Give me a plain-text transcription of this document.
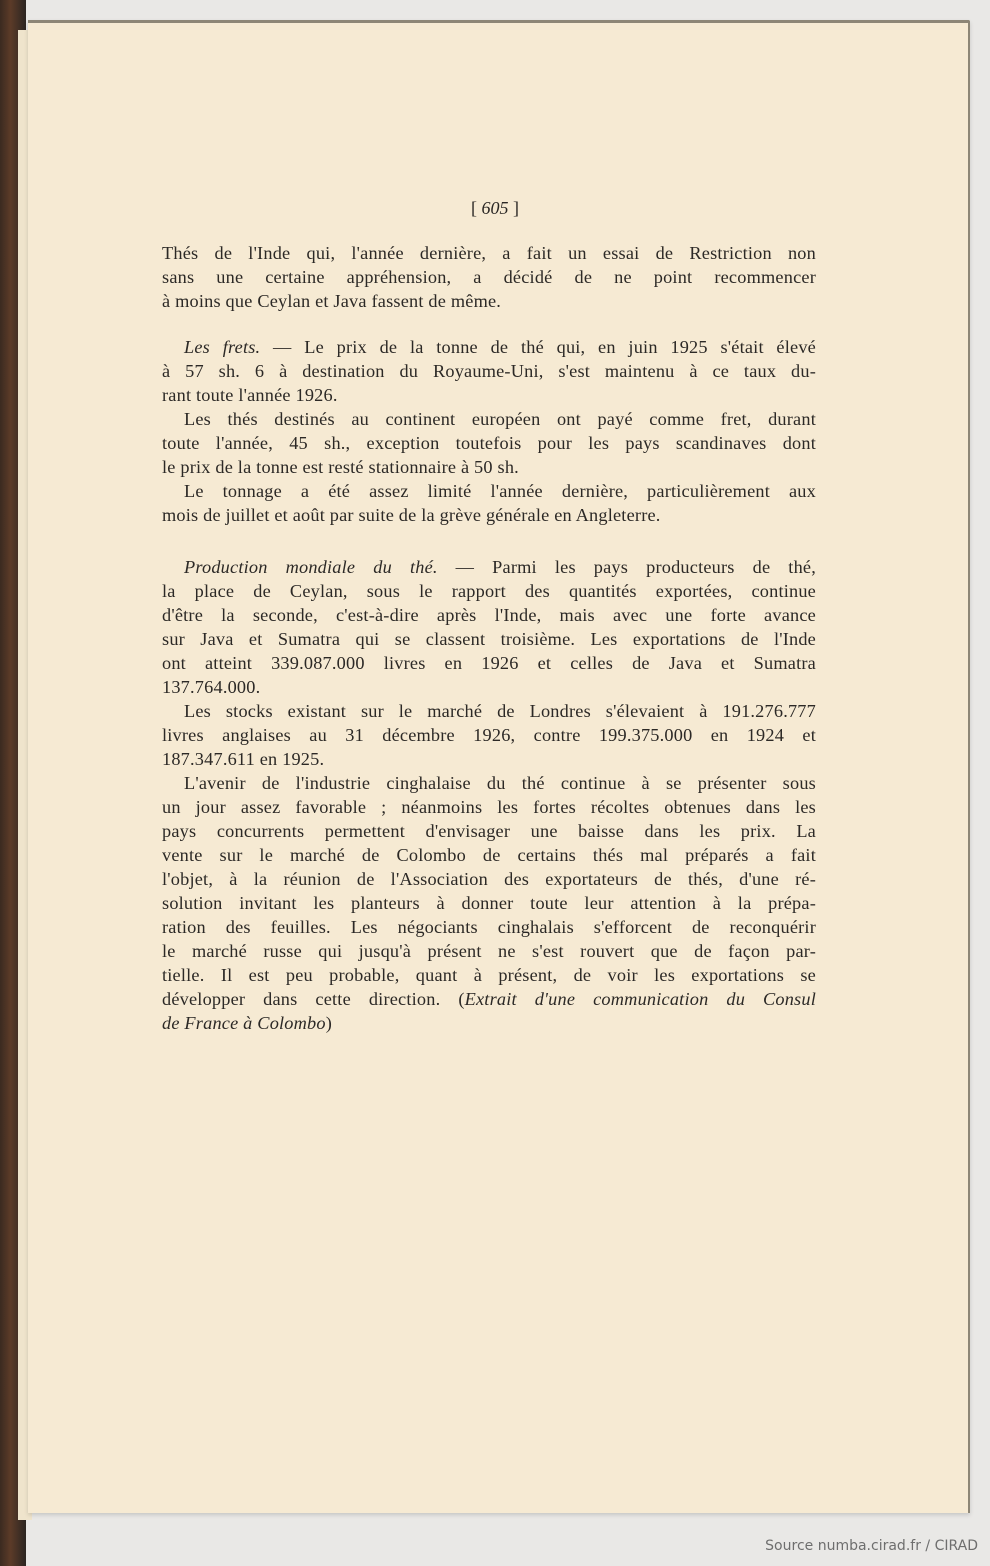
[ 605 ]
Thés de l'Inde qui, l'année dernière, a fait un essai de Restriction non
sans une certaine appréhension, a décidé de ne point recommencer
à moins que Ceylan et Java fassent de même.
Les frets. — Le prix de la tonne de thé qui, en juin 1925 s'était élevé
à 57 sh. 6 à destination du Royaume-Uni, s'est maintenu à ce taux du-
rant toute l'année 1926.
Les thés destinés au continent européen ont payé comme fret, durant
toute l'année, 45 sh., exception toutefois pour les pays scandinaves dont
le prix de la tonne est resté stationnaire à 50 sh.
Le tonnage a été assez limité l'année dernière, particulièrement aux
mois de juillet et août par suite de la grève générale en Angleterre.
Production mondiale du thé. — Parmi les pays producteurs de thé,
la place de Ceylan, sous le rapport des quantités exportées, continue
d'être la seconde, c'est-à-dire après l'Inde, mais avec une forte avance
sur Java et Sumatra qui se classent troisième. Les exportations de l'Inde
ont atteint 339.087.000 livres en 1926 et celles de Java et Sumatra
137.764.000.
Les stocks existant sur le marché de Londres s'élevaient à 191.276.777
livres anglaises au 31 décembre 1926, contre 199.375.000 en 1924 et
187.347.611 en 1925.
L'avenir de l'industrie cinghalaise du thé continue à se présenter sous
un jour assez favorable ; néanmoins les fortes récoltes obtenues dans les
pays concurrents permettent d'envisager une baisse dans les prix. La
vente sur le marché de Colombo de certains thés mal préparés a fait
l'objet, à la réunion de l'Association des exportateurs de thés, d'une ré-
solution invitant les planteurs à donner toute leur attention à la prépa-
ration des feuilles. Les négociants cinghalais s'efforcent de reconquérir
le marché russe qui jusqu'à présent ne s'est rouvert que de façon par-
tielle. Il est peu probable, quant à présent, de voir les exportations se
développer dans cette direction. (Extrait d'une communication du Consul
de France à Colombo)
Source numba.cirad.fr / CIRAD
